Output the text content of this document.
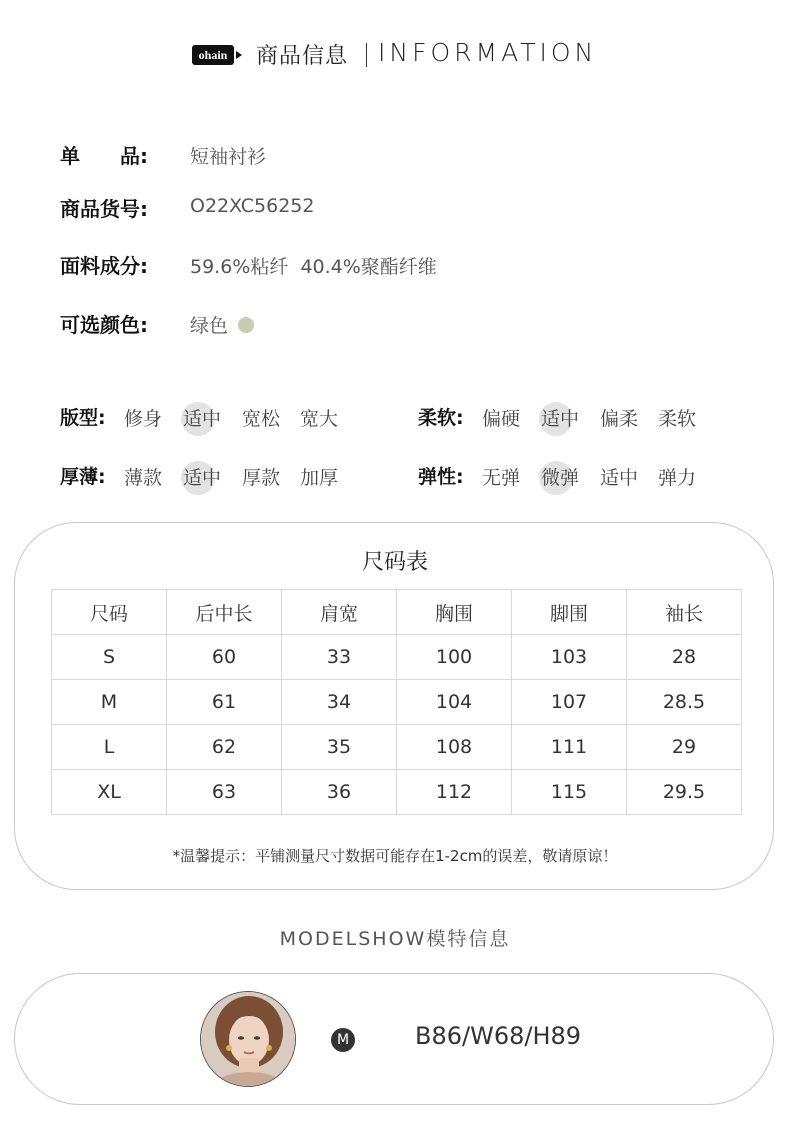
ohain	商品信息 INFORMATION
单　　品: 短袖衬衫
商品货号: O22XC56252
面料成分: 59.6%粘纤  40.4%聚酯纤维
可选颜色: 绿色
版型: 修身 适中 宽松 宽大	柔软: 偏硬 适中 偏柔 柔软
厚薄: 薄款 适中 厚款 加厚	弹性: 无弹 微弹 适中 弹力
尺码表
尺码	后中长	肩宽	胸围	脚围	袖长
S	60	33	100	103	28
M	61	34	104	107	28.5
L	62	35	108	111	29
XL	63	36	112	115	29.5
*温馨提示：平铺测量尺寸数据可能存在1-2cm的误差，敬请原谅！
MODELSHOW模特信息
M	B86/W68/H89
